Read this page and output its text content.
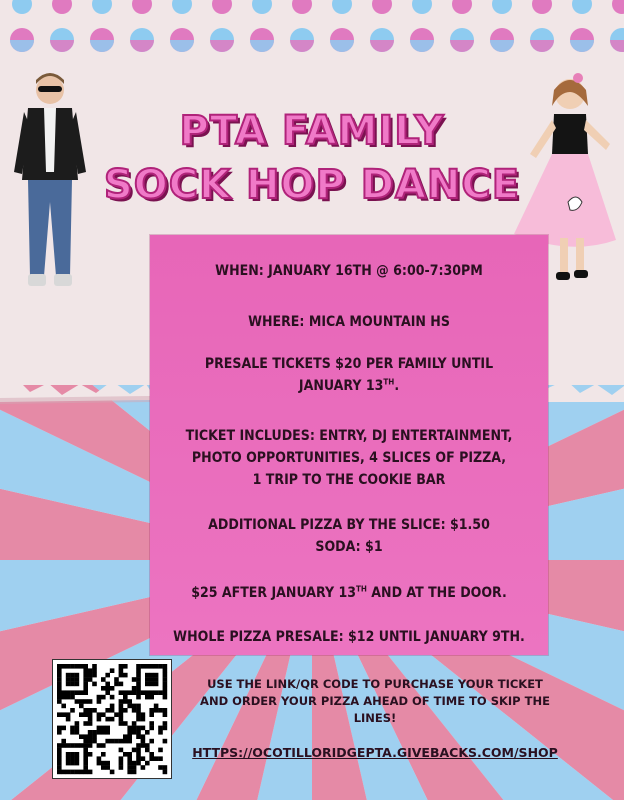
PTA FAMILY
SOCK HOP DANCE
WHEN: JANUARY 16TH @ 6:00-7:30PM
WHERE: MICA MOUNTAIN HS
PRESALE TICKETS $20 PER FAMILY UNTIL
JANUARY 13TH.
TICKET INCLUDES: ENTRY, DJ ENTERTAINMENT,
PHOTO OPPORTUNITIES, 4 SLICES OF PIZZA,
1 TRIP TO THE COOKIE BAR
ADDITIONAL PIZZA BY THE SLICE: $1.50
SODA: $1
$25 AFTER JANUARY 13TH AND AT THE DOOR.
WHOLE PIZZA PRESALE: $12 UNTIL JANUARY 9TH.
USE THE LINK/QR CODE TO PURCHASE YOUR TICKET
AND ORDER YOUR PIZZA AHEAD OF TIME TO SKIP THE
LINES!
HTTPS://OCOTILLORIDGEPTA.GIVEBACKS.COM/SHOP
